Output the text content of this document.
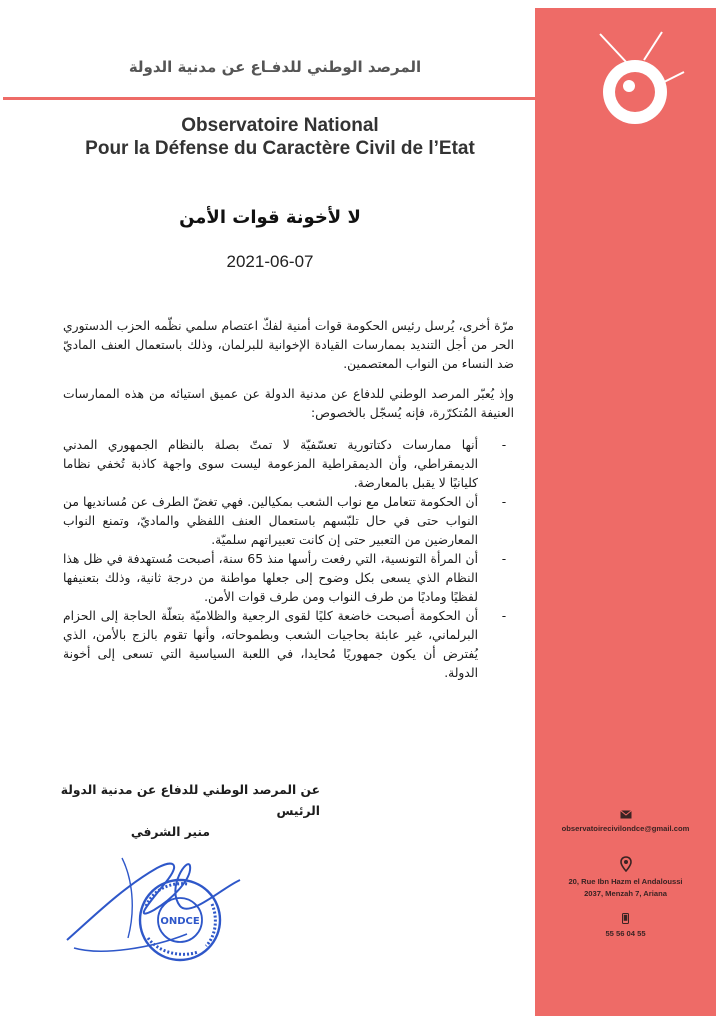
observatoirecivilondce@gmail.com
20, Rue Ibn Hazm el Andaloussi
2037, Menzah 7, Ariana
55 56 04 55
المرصد الوطني للدفـاع عن مدنية الدولة
Observatoire National
Pour la Défense du Caractère Civil de l’Etat
لا لأخونة قوات الأمن
2021-06-07
مرّة أخرى، يُرسل رئيس الحكومة قوات أمنية لفكّ اعتصام سلمي نظّمه الحزب الدستوري الحر من أجل التنديد بممارسات القيادة الإخوانية للبرلمان، وذلك باستعمال العنف الماديّ ضد النساء من النواب المعتصمين.
وإذ يُعبّر المرصد الوطني للدفاع عن مدنية الدولة عن عميق استيائه من هذه الممارسات العنيفة المُتكرّرة، فإنه يُسجّل بالخصوص:
-
أنها ممارسات دكتاتورية تعسّفيّة لا تمتّ بصلة بالنظام الجمهوري المدني الديمقراطي، وأن الديمقراطية المزعومة ليست سوى واجهة كاذبة تُخفي نظاما كليانيًا لا يقبل بالمعارضة.
-
أن الحكومة تتعامل مع نواب الشعب بمكيالين. فهي تغضّ الطرف عن مُسانديها من النواب حتى في حال تلبّسهم باستعمال العنف اللفظي والماديّ، وتمنع النواب المعارضين من التعبير حتى إن كانت تعبيراتهم سلميّة.
-
أن المرأة التونسية، التي رفعت رأسها منذ 65 سنة، أصبحت مُستهدفة في ظل هذا النظام الذي يسعى بكل وضوح إلى جعلها مواطنة من درجة ثانية، وذلك بتعنيفها لفظيًا وماديًا من طرف النواب ومن طرف قوات الأمن.
-
أن الحكومة أصبحت خاضعة كليًا لقوى الرجعية والظلاميّة بتعلّة الحاجة إلى الحزام البرلماني، غير عابئة بحاجيات الشعب وبطموحاته، وأنها تقوم بالزج بالأمن، الذي يُفترض أن يكون جمهوريًا مُحايدا، في اللعبة السياسية التي تسعى إلى أخونة الدولة.
عن المرصد الوطني للدفاع عن مدنية الدولة
الرئيس
منير الشرفي
ONDCE
